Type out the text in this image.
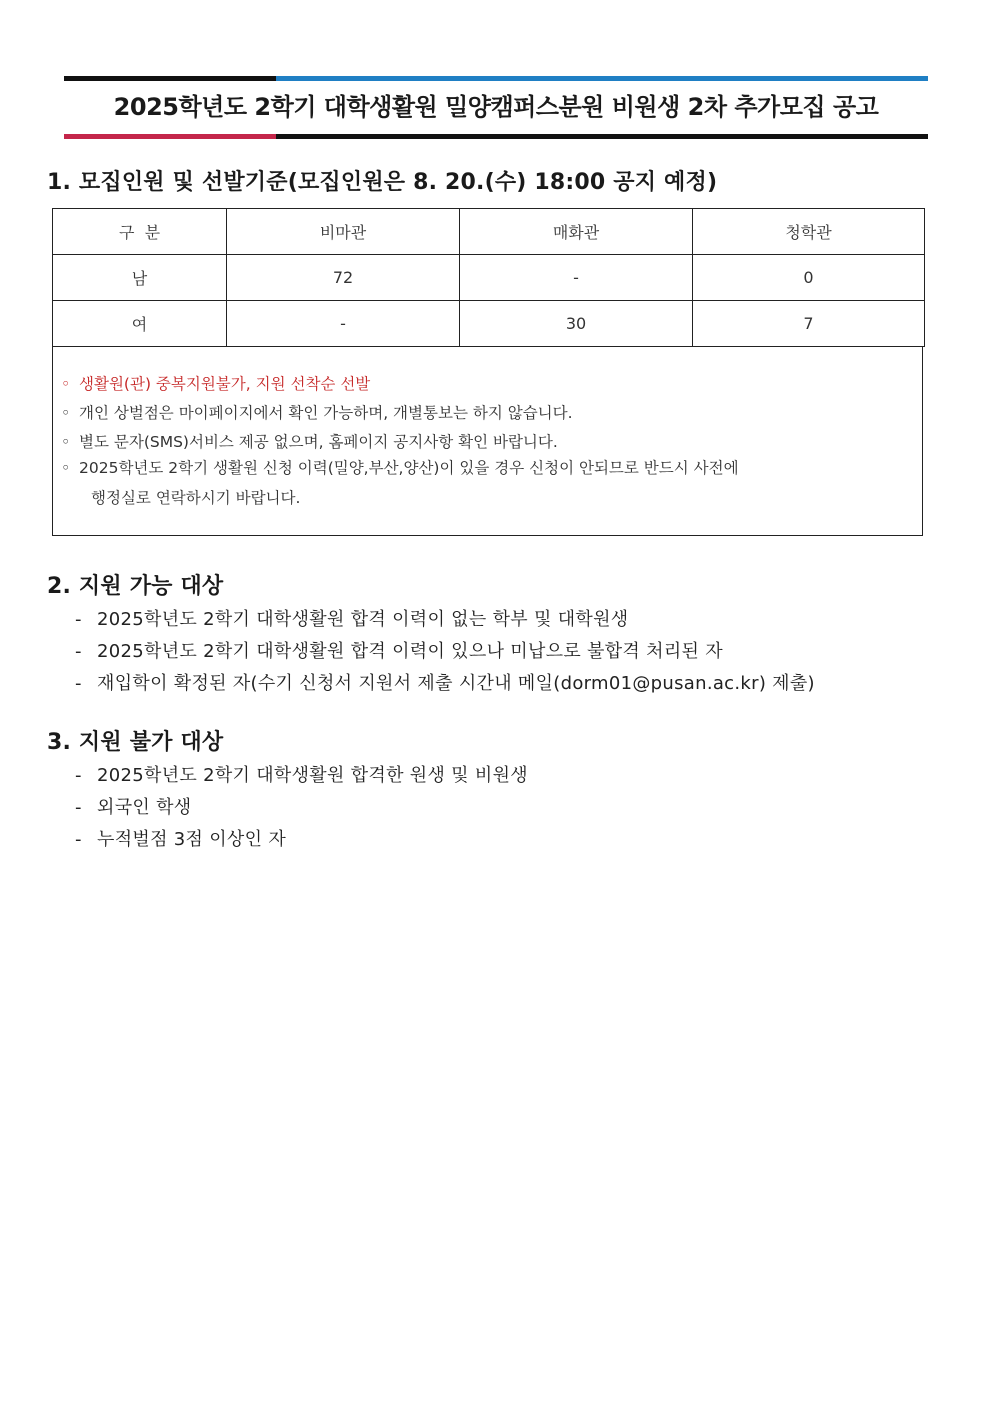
2025학년도 2학기 대학생활원 밀양캠퍼스분원 비원생 2차 추가모집 공고
1. 모집인원 및 선발기준(모집인원은 8. 20.(수) 18:00 공지 예정)
구  분	비마관	매화관	청학관
남	72	-	0
여	-	30	7
◦ 생활원(관) 중복지원불가, 지원 선착순 선발
◦ 개인 상벌점은 마이페이지에서 확인 가능하며, 개별통보는 하지 않습니다.
◦ 별도 문자(SMS)서비스 제공 없으며, 홈페이지 공지사항 확인 바랍니다.
◦ 2025학년도 2학기 생활원 신청 이력(밀양,부산,양산)이 있을 경우 신청이 안되므로 반드시 사전에
행정실로 연락하시기 바랍니다.
2. 지원 가능 대상
- 2025학년도 2학기 대학생활원 합격 이력이 없는 학부 및 대학원생
- 2025학년도 2학기 대학생활원 합격 이력이 있으나 미납으로 불합격 처리된 자
- 재입학이 확정된 자(수기 신청서 지원서 제출 시간내 메일(dorm01@pusan.ac.kr) 제출)
3. 지원 불가 대상
- 2025학년도 2학기 대학생활원 합격한 원생 및 비원생
- 외국인 학생
- 누적벌점 3점 이상인 자
